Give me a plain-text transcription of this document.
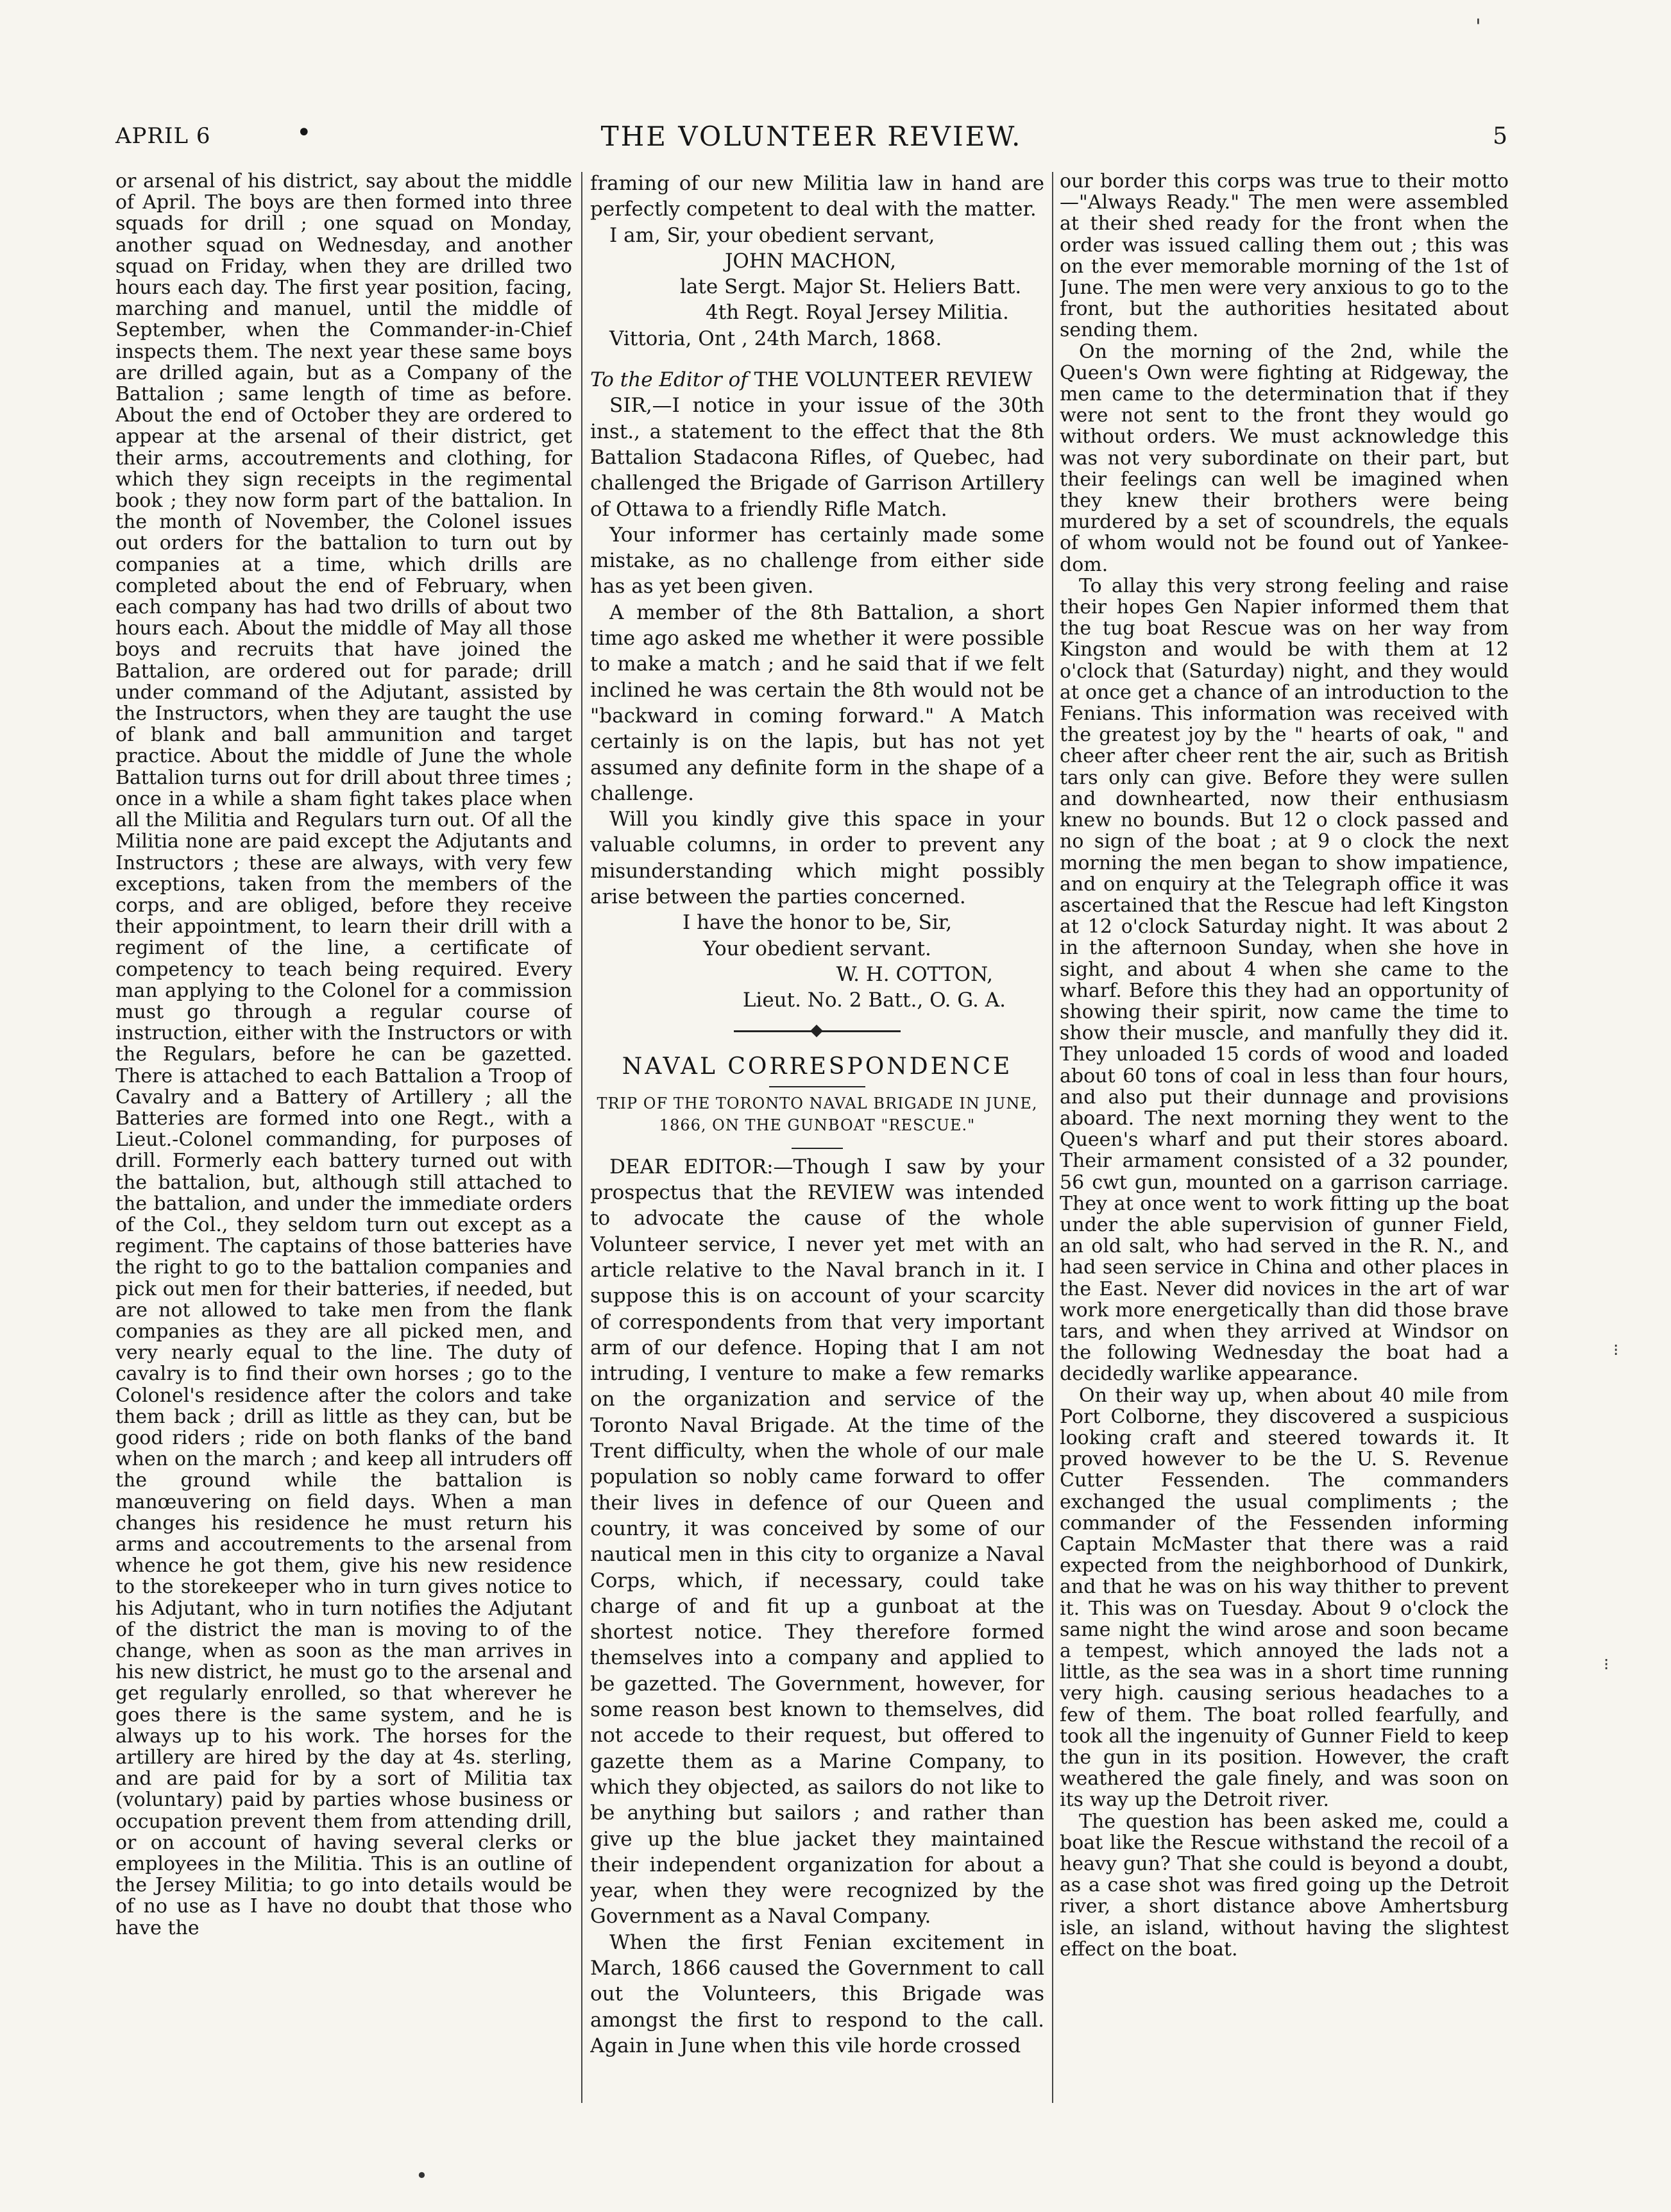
APRIL 6	•	THE VOLUNTEER REVIEW.	5

or arsenal of his district, say about the middle of April. The boys are then formed into three squads for drill ; one squad on Monday, another squad on Wednesday, and another squad on Friday, when they are drilled two hours each day. The first year position, facing, marching and manuel, until the middle of September, when the Commander-in-Chief inspects them. The next year these same boys are drilled again, but as a Company of the Battalion ; same length of time as before. About the end of October they are ordered to appear at the arsenal of their district, get their arms, accoutrements and clothing, for which they sign receipts in the regimental book ; they now form part of the battalion. In the month of November, the Colonel issues out orders for the battalion to turn out by companies at a time, which drills are completed about the end of February, when each company has had two drills of about two hours each. About the middle of May all those boys and recruits that have joined the Battalion, are ordered out for parade; drill under command of the Adjutant, assisted by the Instructors, when they are taught the use of blank and ball ammunition and target practice. About the middle of June the whole Battalion turns out for drill about three times ; once in a while a sham fight takes place when all the Militia and Regulars turn out. Of all the Militia none are paid except the Adjutants and Instructors ; these are always, with very few exceptions, taken from the members of the corps, and are obliged, before they receive their appointment, to learn their drill with a regiment of the line, a certificate of competency to teach being required. Every man applying to the Colonel for a commission must go through a regular course of instruction, either with the Instructors or with the Regulars, before he can be gazetted. There is attached to each Battalion a Troop of Cavalry and a Battery of Artillery ; all the Batteries are formed into one Regt., with a Lieut.-Colonel commanding, for purposes of drill. Formerly each battery turned out with the battalion, but, although still attached to the battalion, and under the immediate orders of the Col., they seldom turn out except as a regiment. The captains of those batteries have the right to go to the battalion companies and pick out men for their batteries, if needed, but are not allowed to take men from the flank companies as they are all picked men, and very nearly equal to the line. The duty of cavalry is to find their own horses ; go to the Colonel's residence after the colors and take them back ; drill as little as they can, but be good riders ; ride on both flanks of the band when on the march ; and keep all intruders off the ground while the battalion is manœuvering on field days. When a man changes his residence he must return his arms and accoutrements to the arsenal from whence he got them, give his new residence to the storekeeper who in turn gives notice to his Adjutant, who in turn notifies the Adjutant of the district the man is moving to of the change, when as soon as the man arrives in his new district, he must go to the arsenal and get regularly enrolled, so that wherever he goes there is the same system, and he is always up to his work. The horses for the artillery are hired by the day at 4s. sterling, and are paid for by a sort of Militia tax (voluntary) paid by parties whose business or occupation prevent them from attending drill, or on account of having several clerks or employees in the Militia. This is an outline of the Jersey Militia; to go into details would be of no use as I have no doubt that those who have the

framing of our new Militia law in hand are perfectly competent to deal with the matter.

I am, Sir, your obedient servant,

JOHN MACHON,

late Sergt. Major St. Heliers Batt.

4th Regt. Royal Jersey Militia.

Vittoria, Ont , 24th March, 1868.

To the Editor of THE VOLUNTEER REVIEW

SIR,—I notice in your issue of the 30th inst., a statement to the effect that the 8th Battalion Stadacona Rifles, of Quebec, had challenged the Brigade of Garrison Artillery of Ottawa to a friendly Rifle Match.

Your informer has certainly made some mistake, as no challenge from either side has as yet been given.

A member of the 8th Battalion, a short time ago asked me whether it were possible to make a match ; and he said that if we felt inclined he was certain the 8th would not be "backward in coming forward." A Match certainly is on the lapis, but has not yet assumed any definite form in the shape of a challenge.

Will you kindly give this space in your valuable columns, in order to prevent any misunderstanding which might possibly arise between the parties concerned.

I have the honor to be, Sir,

Your obedient servant.

W. H. COTTON,

Lieut. No. 2 Batt., O. G. A.

NAVAL CORRESPONDENCE

TRIP OF THE TORONTO NAVAL BRIGADE IN JUNE,
1866, ON THE GUNBOAT "RESCUE."

DEAR EDITOR:—Though I saw by your prospectus that the REVIEW was intended to advocate the cause of the whole Volunteer service, I never yet met with an article relative to the Naval branch in it. I suppose this is on account of your scarcity of correspondents from that very important arm of our defence. Hoping that I am not intruding, I venture to make a few remarks on the organization and service of the Toronto Naval Brigade. At the time of the Trent difficulty, when the whole of our male population so nobly came forward to offer their lives in defence of our Queen and country, it was conceived by some of our nautical men in this city to organize a Naval Corps, which, if necessary, could take charge of and fit up a gunboat at the shortest notice. They therefore formed themselves into a company and applied to be gazetted. The Government, however, for some reason best known to themselves, did not accede to their request, but offered to gazette them as a Marine Company, to which they objected, as sailors do not like to be anything but sailors ; and rather than give up the blue jacket they maintained their independent organization for about a year, when they were recognized by the Government as a Naval Company.

When the first Fenian excitement in March, 1866 caused the Government to call out the Volunteers, this Brigade was amongst the first to respond to the call. Again in June when this vile horde crossed

our border this corps was true to their motto—"Always Ready." The men were assembled at their shed ready for the front when the order was issued calling them out ; this was on the ever memorable morning of the 1st of June. The men were very anxious to go to the front, but the authorities hesitated about sending them.

On the morning of the 2nd, while the Queen's Own were fighting at Ridgeway, the men came to the determination that if they were not sent to the front they would go without orders. We must acknowledge this was not very subordinate on their part, but their feelings can well be imagined when they knew their brothers were being murdered by a set of scoundrels, the equals of whom would not be found out of Yankee-dom.

To allay this very strong feeling and raise their hopes Gen Napier informed them that the tug boat Rescue was on her way from Kingston and would be with them at 12 o'clock that (Saturday) night, and they would at once get a chance of an introduction to the Fenians. This information was received with the greatest joy by the " hearts of oak, " and cheer after cheer rent the air, such as British tars only can give. Before they were sullen and downhearted, now their enthusiasm knew no bounds. But 12 o clock passed and no sign of the boat ; at 9 o clock the next morning the men began to show impatience, and on enquiry at the Telegraph office it was ascertained that the Rescue had left Kingston at 12 o'clock Saturday night. It was about 2 in the afternoon Sunday, when she hove in sight, and about 4 when she came to the wharf. Before this they had an opportunity of showing their spirit, now came the time to show their muscle, and manfully they did it. They unloaded 15 cords of wood and loaded about 60 tons of coal in less than four hours, and also put their dunnage and provisions aboard. The next morning they went to the Queen's wharf and put their stores aboard. Their armament consisted of a 32 pounder, 56 cwt gun, mounted on a garrison carriage. They at once went to work fitting up the boat under the able supervision of gunner Field, an old salt, who had served in the R. N., and had seen service in China and other places in the East. Never did novices in the art of war work more energetically than did those brave tars, and when they arrived at Windsor on the following Wednesday the boat had a decidedly warlike appearance.

On their way up, when about 40 mile from Port Colborne, they discovered a suspicious looking craft and steered towards it. It proved however to be the U. S. Revenue Cutter Fessenden. The commanders exchanged the usual compliments ; the commander of the Fessenden informing Captain McMaster that there was a raid expected from the neighborhood of Dunkirk, and that he was on his way thither to prevent it. This was on Tuesday. About 9 o'clock the same night the wind arose and soon became a tempest, which annoyed the lads not a little, as the sea was in a short time running very high. causing serious headaches to a few of them. The boat rolled fearfully, and took all the ingenuity of Gunner Field to keep the gun in its position. However, the craft weathered the gale finely, and was soon on its way up the Detroit river.

The question has been asked me, could a boat like the Rescue withstand the recoil of a heavy gun? That she could is beyond a doubt, as a case shot was fired going up the Detroit river, a short distance above Amhertsburg isle, an island, without having the slightest effect on the boat.

'
•
⁝
⁝
